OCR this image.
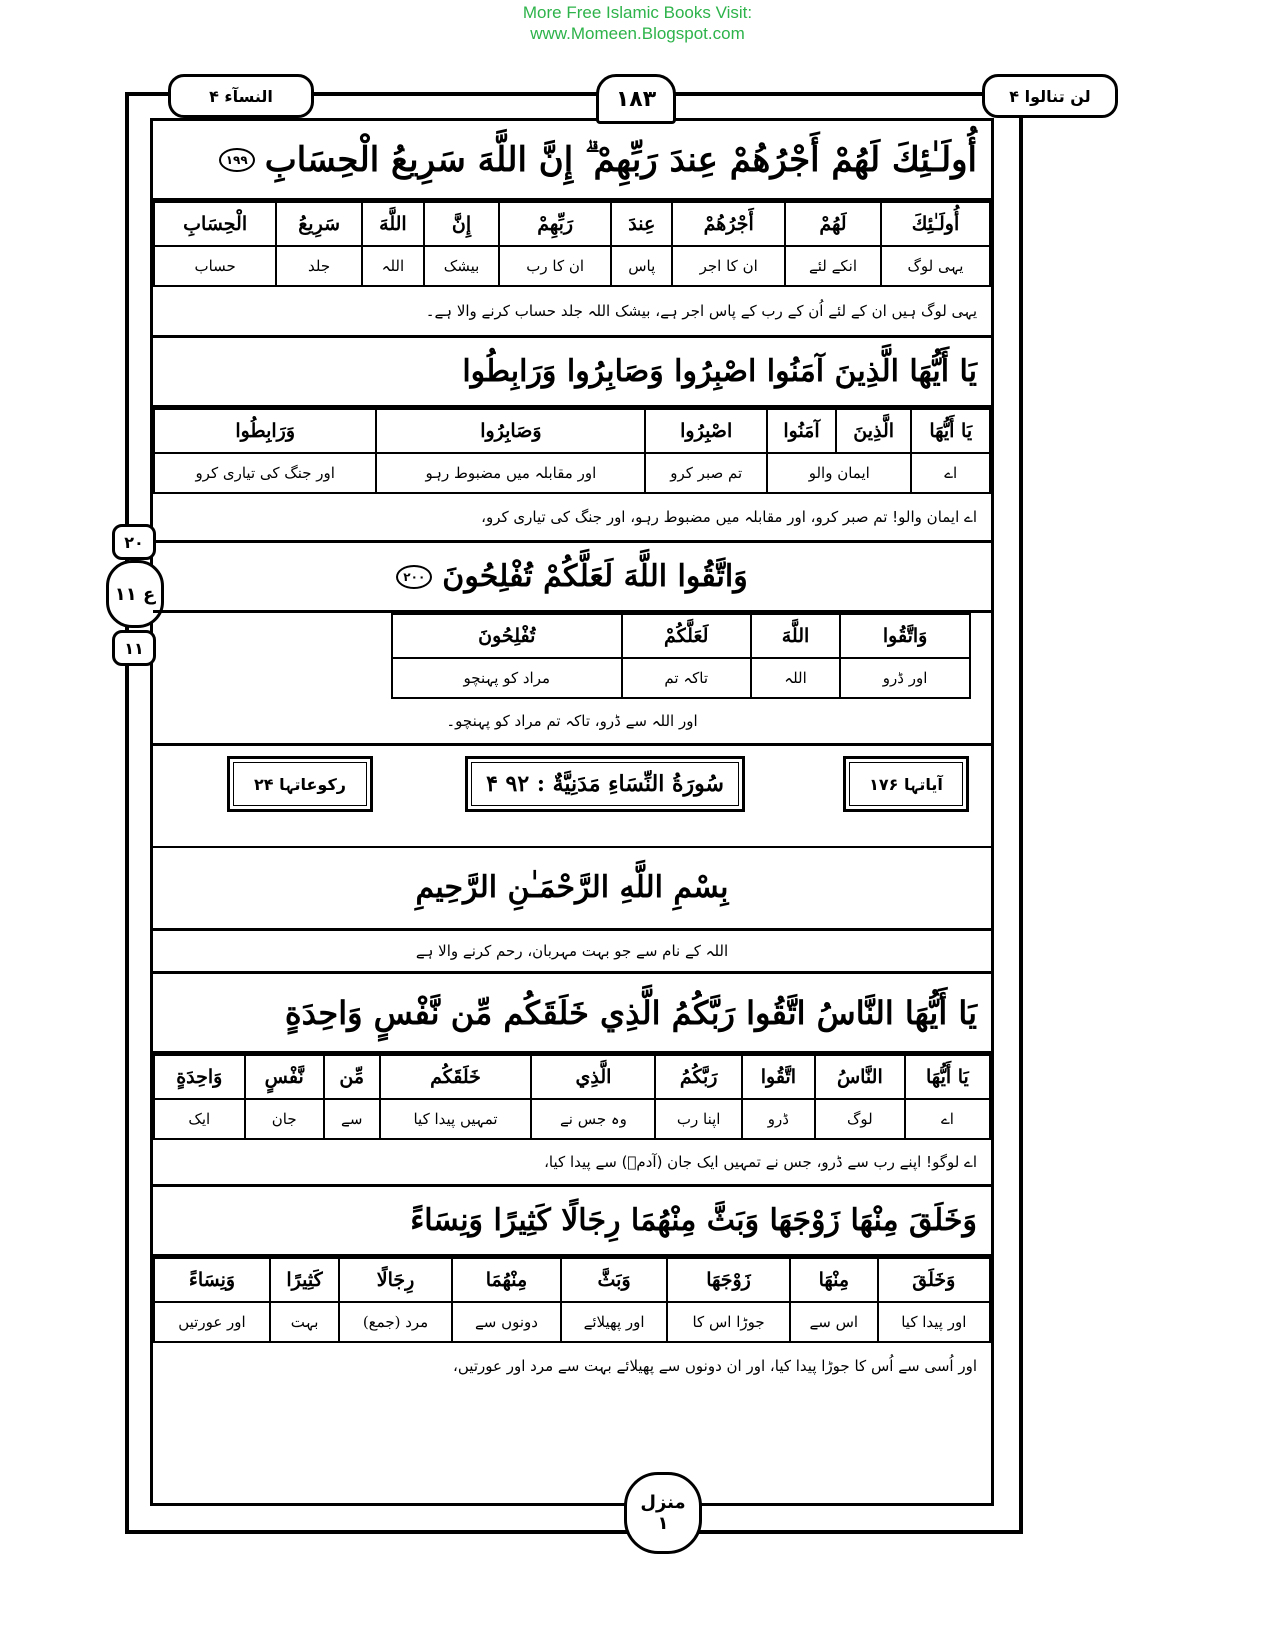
More Free Islamic Books Visit:
www.Momeen.Blogspot.com
النسآء ۴	۱۸۳	لن تنالوا ۴
۲۰
ع ۱۱
۱۱
أُولَـٰئِكَ لَهُمْ أَجْرُهُمْ عِندَ رَبِّهِمْ ۗ إِنَّ اللَّهَ سَرِيعُ الْحِسَابِ
۱۹۹
أُولَـٰئِكَ	لَهُمْ	أَجْرُهُمْ	عِندَ	رَبِّهِمْ	إِنَّ	اللَّهَ	سَرِيعُ	الْحِسَابِ
یہی لوگ	انکے لئے	ان کا اجر	پاس	ان کا رب	بیشک	اللہ	جلد	حساب
یہی لوگ ہیں ان کے لئے اُن کے رب کے پاس اجر ہے، بیشک اللہ جلد حساب کرنے والا ہے۔
يَا أَيُّهَا الَّذِينَ آمَنُوا اصْبِرُوا وَصَابِرُوا وَرَابِطُوا
يَا أَيُّهَا	الَّذِينَ	آمَنُوا	اصْبِرُوا	وَصَابِرُوا	وَرَابِطُوا
اے	ایمان والو		تم صبر کرو	اور مقابلہ میں مضبوط رہو	اور جنگ کی تیاری کرو
اے ایمان والو! تم صبر کرو، اور مقابلہ میں مضبوط رہو، اور جنگ کی تیاری کرو،
وَاتَّقُوا اللَّهَ لَعَلَّكُمْ تُفْلِحُونَ
۲۰۰
وَاتَّقُوا	اللَّهَ	لَعَلَّكُمْ	تُفْلِحُونَ
اور ڈرو	اللہ	تاکہ تم	مراد کو پہنچو
اور اللہ سے ڈرو، تاکہ تم مراد کو پہنچو۔
آیاتہا ۱۷۶
۴ سُورَةُ النِّسَاءِ مَدَنِيَّةٌ : ۹۲
رکوعاتہا ۲۴
بِسْمِ اللَّهِ الرَّحْمَـٰنِ الرَّحِيمِ
اللہ کے نام سے جو بہت مہربان، رحم کرنے والا ہے
يَا أَيُّهَا النَّاسُ اتَّقُوا رَبَّكُمُ الَّذِي خَلَقَكُم مِّن نَّفْسٍ وَاحِدَةٍ
يَا أَيُّهَا	النَّاسُ	اتَّقُوا	رَبَّكُمُ	الَّذِي	خَلَقَكُم	مِّن	نَّفْسٍ	وَاحِدَةٍ
اے	لوگ	ڈرو	اپنا رب	وہ جس نے	تمہیں پیدا کیا	سے	جان	ایک
اے لوگو! اپنے رب سے ڈرو، جس نے تمہیں ایک جان (آدمؑ) سے پیدا کیا،
وَخَلَقَ مِنْهَا زَوْجَهَا وَبَثَّ مِنْهُمَا رِجَالًا كَثِيرًا وَنِسَاءً
وَخَلَقَ	مِنْهَا	زَوْجَهَا	وَبَثَّ	مِنْهُمَا	رِجَالًا	كَثِيرًا	وَنِسَاءً
اور پیدا کیا	اس سے	جوڑا اس کا	اور پھیلائے	دونوں سے	مرد (جمع)	بہت	اور عورتیں
اور اُسی سے اُس کا جوڑا پیدا کیا، اور ان دونوں سے پھیلائے بہت سے مرد اور عورتیں،
منزل
۱
